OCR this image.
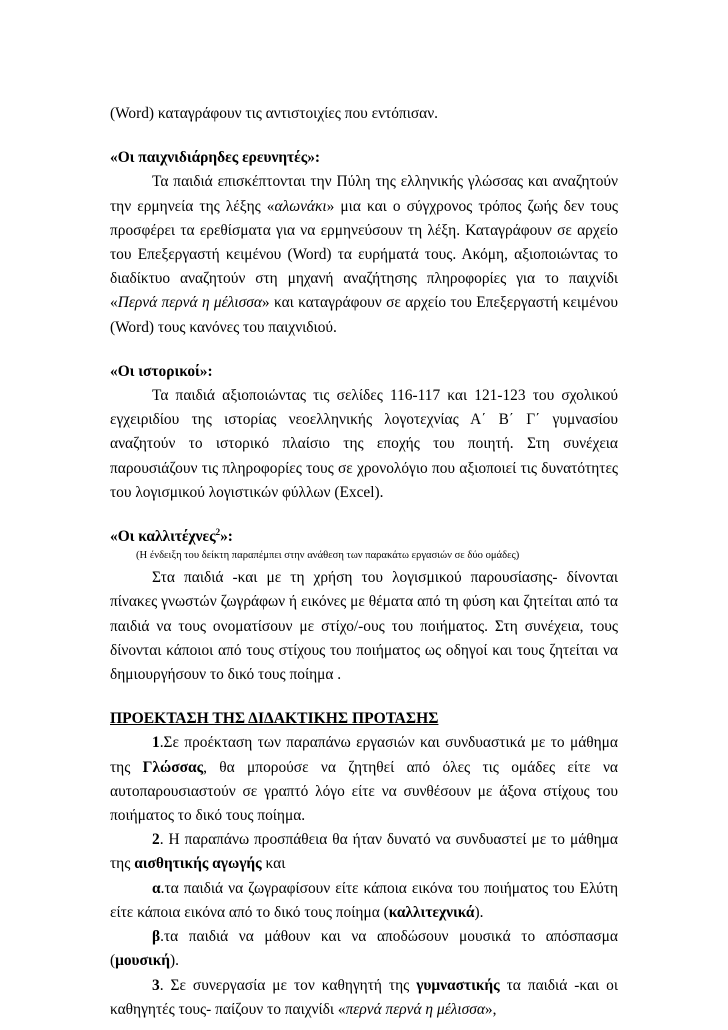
(Word) καταγράφουν τις αντιστοιχίες που εντόπισαν.

«Οι παιχνιδιάρηδες ερευνητές»:

Τα παιδιά επισκέπτονται την Πύλη της ελληνικής γλώσσας και αναζητούν την ερμηνεία της λέξης «αλωνάκι» μια και ο σύγχρονος τρόπος ζωής δεν τους προσφέρει τα ερεθίσματα για να ερμηνεύσουν τη λέξη. Καταγράφουν σε αρχείο του Επεξεργαστή κειμένου (Word) τα ευρήματά τους. Ακόμη, αξιοποιώντας το διαδίκτυο αναζητούν στη μηχανή αναζήτησης πληροφορίες για το παιχνίδι «Περνά περνά η μέλισσα» και καταγράφουν σε αρχείο του Επεξεργαστή κειμένου (Word) τους κανόνες του παιχνιδιού.

«Οι ιστορικοί»:

Τα παιδιά αξιοποιώντας τις σελίδες 116-117 και 121-123 του σχολικού εγχειριδίου της ιστορίας νεοελληνικής λογοτεχνίας Α΄ Β΄ Γ΄ γυμνασίου αναζητούν το ιστορικό πλαίσιο της εποχής του ποιητή. Στη συνέχεια παρουσιάζουν τις πληροφορίες τους σε χρονολόγιο που αξιοποιεί τις δυνατότητες του λογισμικού λογιστικών φύλλων (Excel).

«Οι καλλιτέχνες$^2$»:

(Η ένδειξη του δείκτη παραπέμπει στην ανάθεση των παρακάτω εργασιών σε δύο ομάδες)

Στα παιδιά -και με τη χρήση του λογισμικού παρουσίασης- δίνονται πίνακες γνωστών ζωγράφων ή εικόνες με θέματα από τη φύση και ζητείται από τα παιδιά να τους ονοματίσουν με στίχο/-ους του ποιήματος. Στη συνέχεια, τους δίνονται κάποιοι από τους στίχους του ποιήματος ως οδηγοί και τους ζητείται να δημιουργήσουν το δικό τους ποίημα .

ΠΡΟΕΚΤΑΣΗ ΤΗΣ ΔΙΔΑΚΤΙΚΗΣ ΠΡΟΤΑΣΗΣ

1.Σε προέκταση των παραπάνω εργασιών και συνδυαστικά με το μάθημα της Γλώσσας, θα μπορούσε να ζητηθεί από όλες τις ομάδες είτε να αυτοπαρουσιαστούν σε γραπτό λόγο είτε να συνθέσουν με άξονα στίχους του ποιήματος το δικό τους ποίημα.

2. Η παραπάνω προσπάθεια θα ήταν δυνατό να συνδυαστεί με το μάθημα της αισθητικής αγωγής και

α.τα παιδιά να ζωγραφίσουν είτε κάποια εικόνα του ποιήματος του Ελύτη είτε κάποια εικόνα από το δικό τους ποίημα (καλλιτεχνικά).

β.τα παιδιά να μάθουν και να αποδώσουν μουσικά το απόσπασμα (μουσική).

3. Σε συνεργασία με τον καθηγητή της γυμναστικής τα παιδιά -και οι καθηγητές τους- παίζουν το παιχνίδι «περνά περνά η μέλισσα»,
